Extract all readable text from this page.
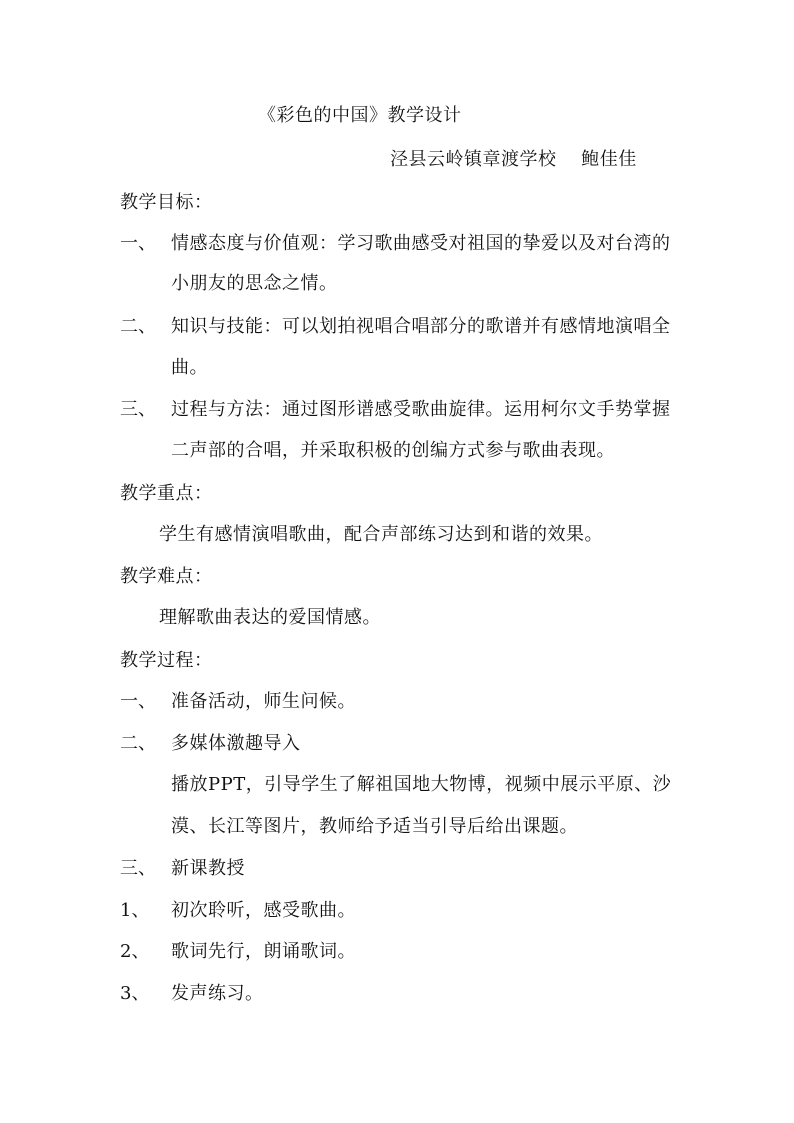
《彩色的中国》教学设计
泾县云岭镇章渡学校　 鲍佳佳
教学目标：
一、 情感态度与价值观：学习歌曲感受对祖国的挚爱以及对台湾的
小朋友的思念之情。
二、 知识与技能：可以划拍视唱合唱部分的歌谱并有感情地演唱全
曲。
三、 过程与方法：通过图形谱感受歌曲旋律。运用柯尔文手势掌握
二声部的合唱，并采取积极的创编方式参与歌曲表现。
教学重点：
学生有感情演唱歌曲，配合声部练习达到和谐的效果。
教学难点：
理解歌曲表达的爱国情感。
教学过程：
一、 准备活动，师生问候。
二、 多媒体激趣导入
播放PPT，引导学生了解祖国地大物博，视频中展示平原、沙
漠、长江等图片，教师给予适当引导后给出课题。
三、 新课教授
1、 初次聆听，感受歌曲。
2、 歌词先行，朗诵歌词。
3、 发声练习。
